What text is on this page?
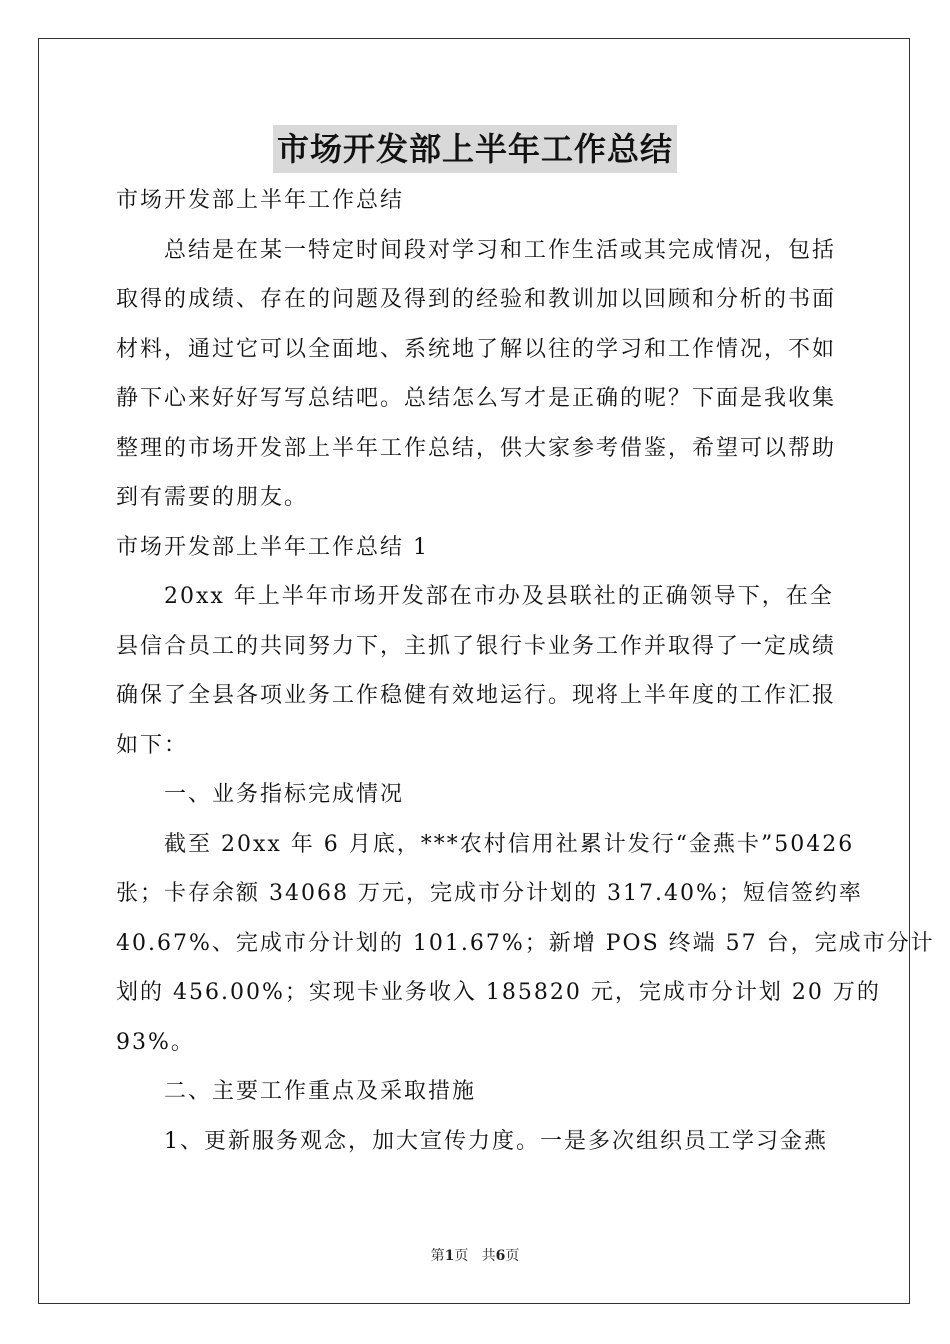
市场开发部上半年工作总结
市场开发部上半年工作总结
　　总结是在某一特定时间段对学习和工作生活或其完成情况，包括
取得的成绩、存在的问题及得到的经验和教训加以回顾和分析的书面
材料，通过它可以全面地、系统地了解以往的学习和工作情况，不如
静下心来好好写写总结吧。总结怎么写才是正确的呢？下面是我收集
整理的市场开发部上半年工作总结，供大家参考借鉴，希望可以帮助
到有需要的朋友。
市场开发部上半年工作总结 1
　　20xx 年上半年市场开发部在市办及县联社的正确领导下，在全
县信合员工的共同努力下，主抓了银行卡业务工作并取得了一定成绩
确保了全县各项业务工作稳健有效地运行。现将上半年度的工作汇报
如下：
　　一、业务指标完成情况
　　截至 20xx 年 6 月底，***农村信用社累计发行“金燕卡”50426
张；卡存余额 34068 万元，完成市分计划的 317.40%；短信签约率
40.67%、完成市分计划的 101.67%；新增 POS 终端 57 台，完成市分计
划的 456.00%；实现卡业务收入 185820 元，完成市分计划 20 万的
93%。
　　二、主要工作重点及采取措施
　　1、更新服务观念，加大宣传力度。一是多次组织员工学习金燕
第1页 共6页
